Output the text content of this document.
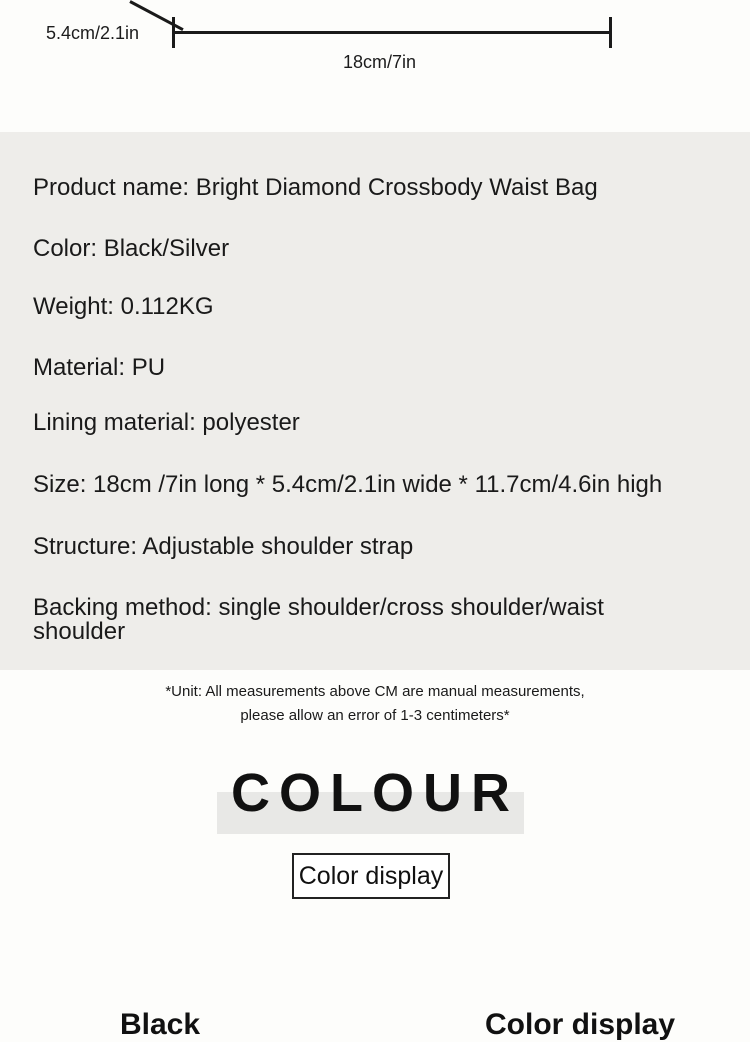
5.4cm/2.1in
18cm/7in
Product name: Bright Diamond Crossbody Waist Bag
Color: Black/Silver
Weight: 0.112KG
Material: PU
Lining material: polyester
Size: 18cm /7in long * 5.4cm/2.1in wide * 11.7cm/4.6in high
Structure: Adjustable shoulder strap
Backing method: single shoulder/cross shoulder/waist shoulder
*Unit: All measurements above CM are manual measurements,
please allow an error of 1-3 centimeters*
COLOUR
Color display
Black	Color display
